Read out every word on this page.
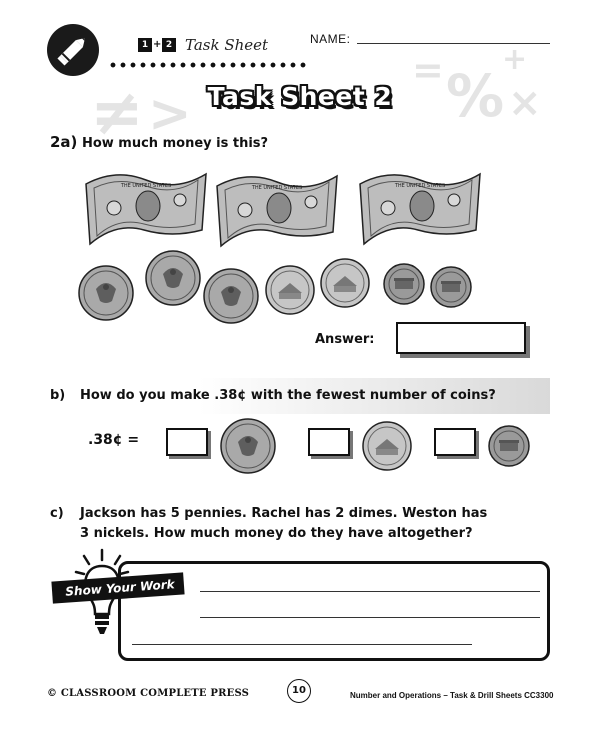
≠ >
= %
+
×
1 + 2 Task Sheet	NAME:
Task Sheet 2
2a) How much money is this?
THE UNITED STATES	THE UNITED STATES	THE UNITED STATES
Answer:
b) How do you make .38¢ with the fewest number of coins?
.38¢ =
c) Jackson has 5 pennies. Rachel has 2 dimes. Weston has
3 nickels. How much money do they have altogether?
Show Your Work
© CLASSROOM COMPLETE PRESS	10	Number and Operations – Task & Drill Sheets CC3300
